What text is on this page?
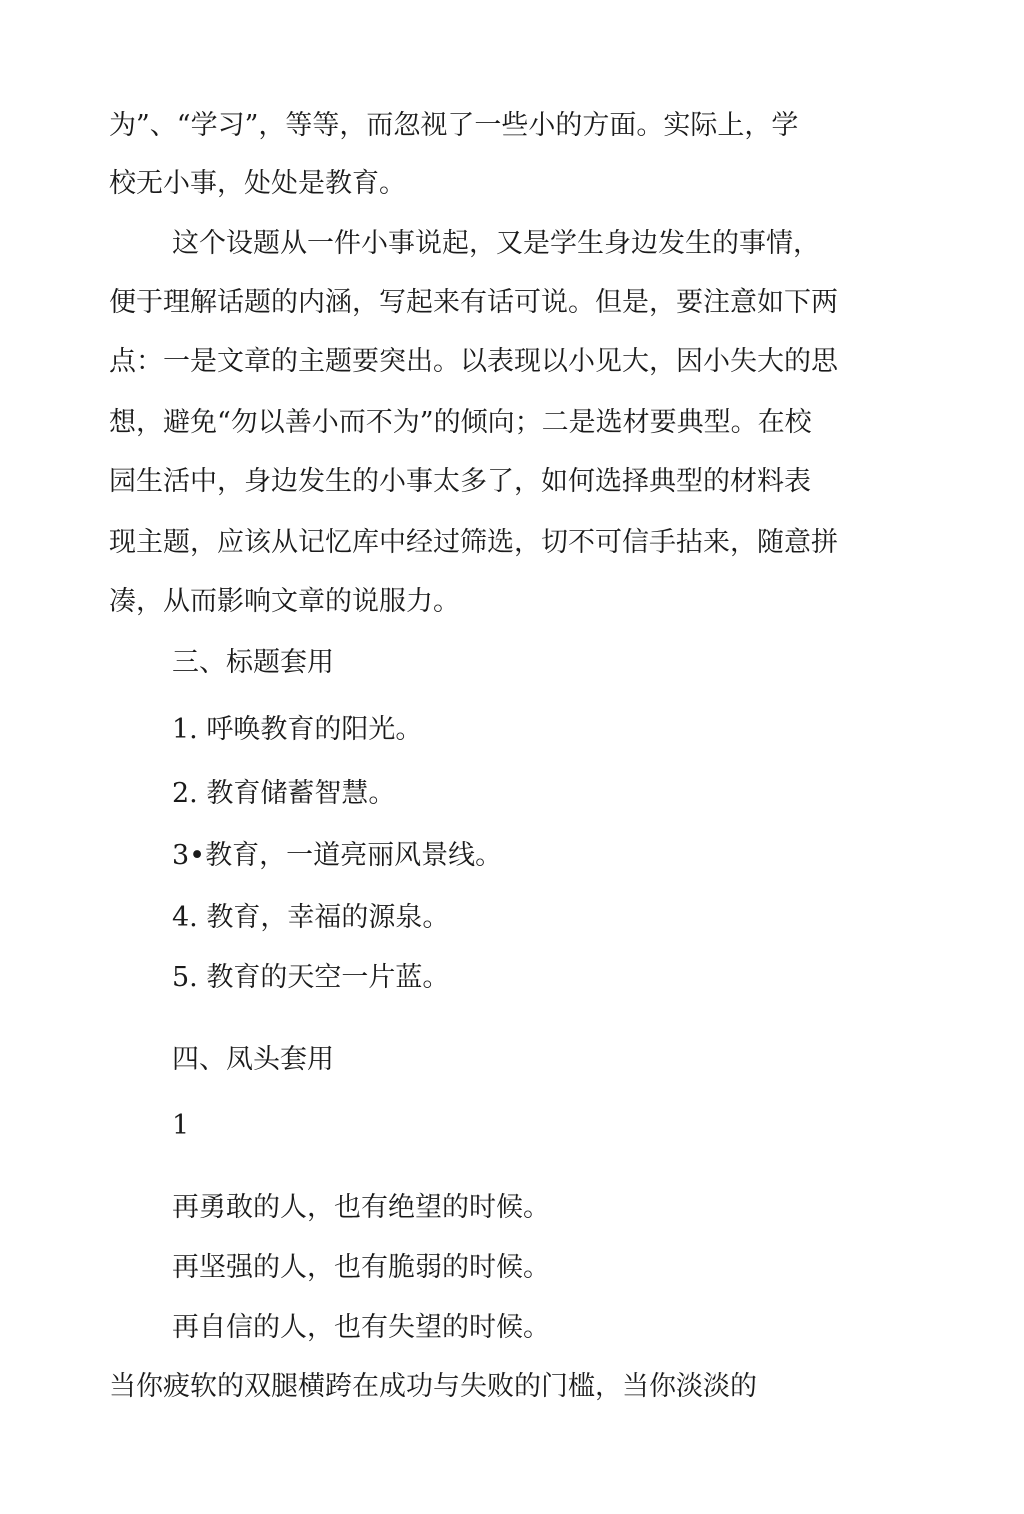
为”、“学习”，等等，而忽视了一些小的方面。实际上，学
校无小事，处处是教育。
这个设题从一件小事说起，又是学生身边发生的事情，
便于理解话题的内涵，写起来有话可说。但是，要注意如下两
点：一是文章的主题要突出。以表现以小见大，因小失大的思
想，避免“勿以善小而不为”的倾向；二是选材要典型。在校
园生活中，身边发生的小事太多了，如何选择典型的材料表
现主题，应该从记忆库中经过筛选，切不可信手拈来，随意拼
凑，从而影响文章的说服力。
三、标题套用
1. 呼唤教育的阳光。
2. 教育储蓄智慧。
3•教育，一道亮丽风景线。
4. 教育，幸福的源泉。
5. 教育的天空一片蓝。
四、凤头套用
1
再勇敢的人，也有绝望的时候。
再坚强的人，也有脆弱的时候。
再自信的人，也有失望的时候。
当你疲软的双腿横跨在成功与失败的门槛，当你淡淡的
